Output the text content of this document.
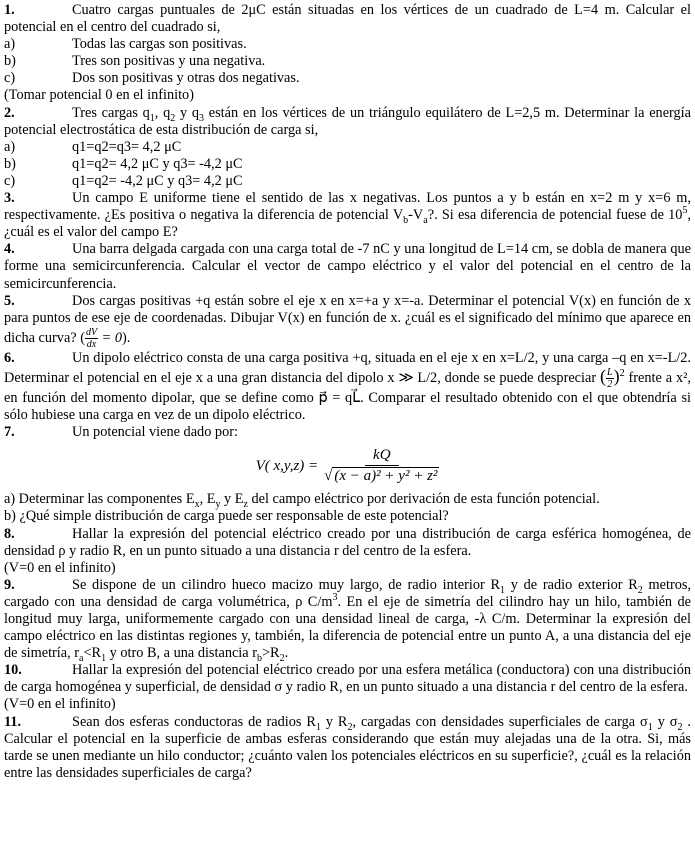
1.	Cuatro cargas puntuales de 2μC están situadas en los vértices de un cuadrado de L=4 m. Calcular el potencial en el centro del cuadrado si,
a)	Todas las cargas son positivas.
b)	Tres son positivas y una negativa.
c)	Dos son positivas y otras dos negativas.
(Tomar potencial 0 en el infinito)
2.	Tres cargas $q_1$, $q_2$ y $q_3$ están en los vértices de un triángulo equilátero de L=2,5 m. Determinar la energía potencial electrostática de esta distribución de carga si,
a)	q1=q2=q3= 4,2 μC
b)	q1=q2= 4,2 μC y q3= -4,2 μC
c)	q1=q2= -4,2 μC y q3= 4,2 μC
3.	Un campo E uniforme tiene el sentido de las x negativas. Los puntos a y b están en x=2 m y x=6 m, respectivamente. ¿Es positiva o negativa la diferencia de potencial $V_b-V_a$?. Si esa diferencia de potencial fuese de $10^5$, ¿cuál es el valor del campo E?
4.	Una barra delgada cargada con una carga total de -7 nC y una longitud de L=14 cm, se dobla de manera que forme una semicircunferencia. Calcular el vector de campo eléctrico y el valor del potencial en el centro de la semicircunferencia.
5.	Dos cargas positivas +q están sobre el eje x en x=+a y x=-a. Determinar el potencial V(x) en función de x para puntos de ese eje de coordenadas. Dibujar V(x) en función de x. ¿cuál es el significado del mínimo que aparece en dicha curva? ( $\frac{dV}{dx} = 0$).
6.	Un dipolo eléctrico consta de una carga positiva +q, situada en el eje x en x=L/2, y una carga –q en x=-L/2. Determinar el potencial en el eje x a una gran distancia del dipolo x ≫ L/2, donde se puede despreciar ( $\frac{L}{2} )^2$ frente a x², en función del momento dipolar, que se define como p⃗ = qL⃗. Comparar el resultado obtenido con el que obtendría si sólo hubiese una carga en vez de un dipolo eléctrico.
7.	Un potencial viene dado por:
V( $x,y,z) = \frac{kQ}{\text{√ (x − a)² + y² + z²}}$
a) Determinar las componentes $E_x$, $E_y$ y $E_z$ del campo eléctrico por derivación de esta función potencial.
b) ¿Qué simple distribución de carga puede ser responsable de este potencial?
8.	Hallar la expresión del potencial eléctrico creado por una distribución de carga esférica homogénea, de densidad ρ y radio R, en un punto situado a una distancia r del centro de la esfera.
(V=0 en el infinito)
9.	Se dispone de un cilindro hueco macizo muy largo, de radio interior $R_1$ y de radio exterior $R_2$ metros, cargado con una densidad de carga volumétrica, ρ $C/m^3$. En el eje de simetría del cilindro hay un hilo, también de longitud muy larga, uniformemente cargado con una densidad lineal de carga, -λ C/m. Determinar la expresión del campo eléctrico en las distintas regiones y, también, la diferencia de potencial entre un punto A, a una distancia del eje de simetría, $r_a<R_1$ y otro B, a una distancia $r_b>R_2$.
10.	Hallar la expresión del potencial eléctrico creado por una esfera metálica (conductora) con una distribución de carga homogénea y superficial, de densidad σ y radio R, en un punto situado a una distancia r del centro de la esfera.
(V=0 en el infinito)
11.	Sean dos esferas conductoras de radios $R_1$ y $R_2$, cargadas con densidades superficiales de carga $\sigma_1$ y $\sigma_2$ . Calcular el potencial en la superficie de ambas esferas considerando que están muy alejadas una de la otra. Si, más tarde se unen mediante un hilo conductor; ¿cuánto valen los potenciales eléctricos en su superficie?, ¿cuál es la relación entre las densidades superficiales de carga?
